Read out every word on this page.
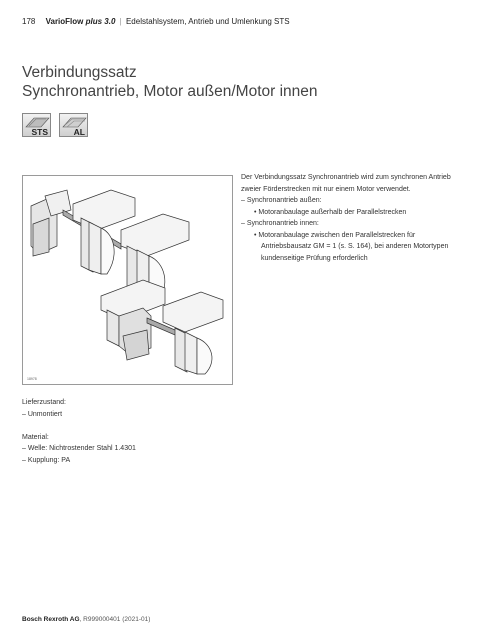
178 VarioFlow plus 3.0 | Edelstahlsystem, Antrieb und Umlenkung STS
Verbindungssatz
Synchronantrieb, Motor außen/Motor innen
STS	AL
18978

Der Verbindungssatz Synchronantrieb wird zum synchronen Antrieb zweier Förderstrecken mit nur einem Motor verwendet.

– Synchronantrieb außen:

• Motoranbaulage außerhalb der Parallelstrecken

– Synchronantrieb innen:

• Motoranbaulage zwischen den Parallelstrecken für Antriebsbausatz GM = 1 (s. S. 164), bei anderen Motortypen kundenseitige Prüfung erforderlich

Lieferzustand:

– Unmontiert

Material:

– Welle: Nichtrostender Stahl 1.4301

– Kupplung: PA

Bosch Rexroth AG, R999000401 (2021-01)
